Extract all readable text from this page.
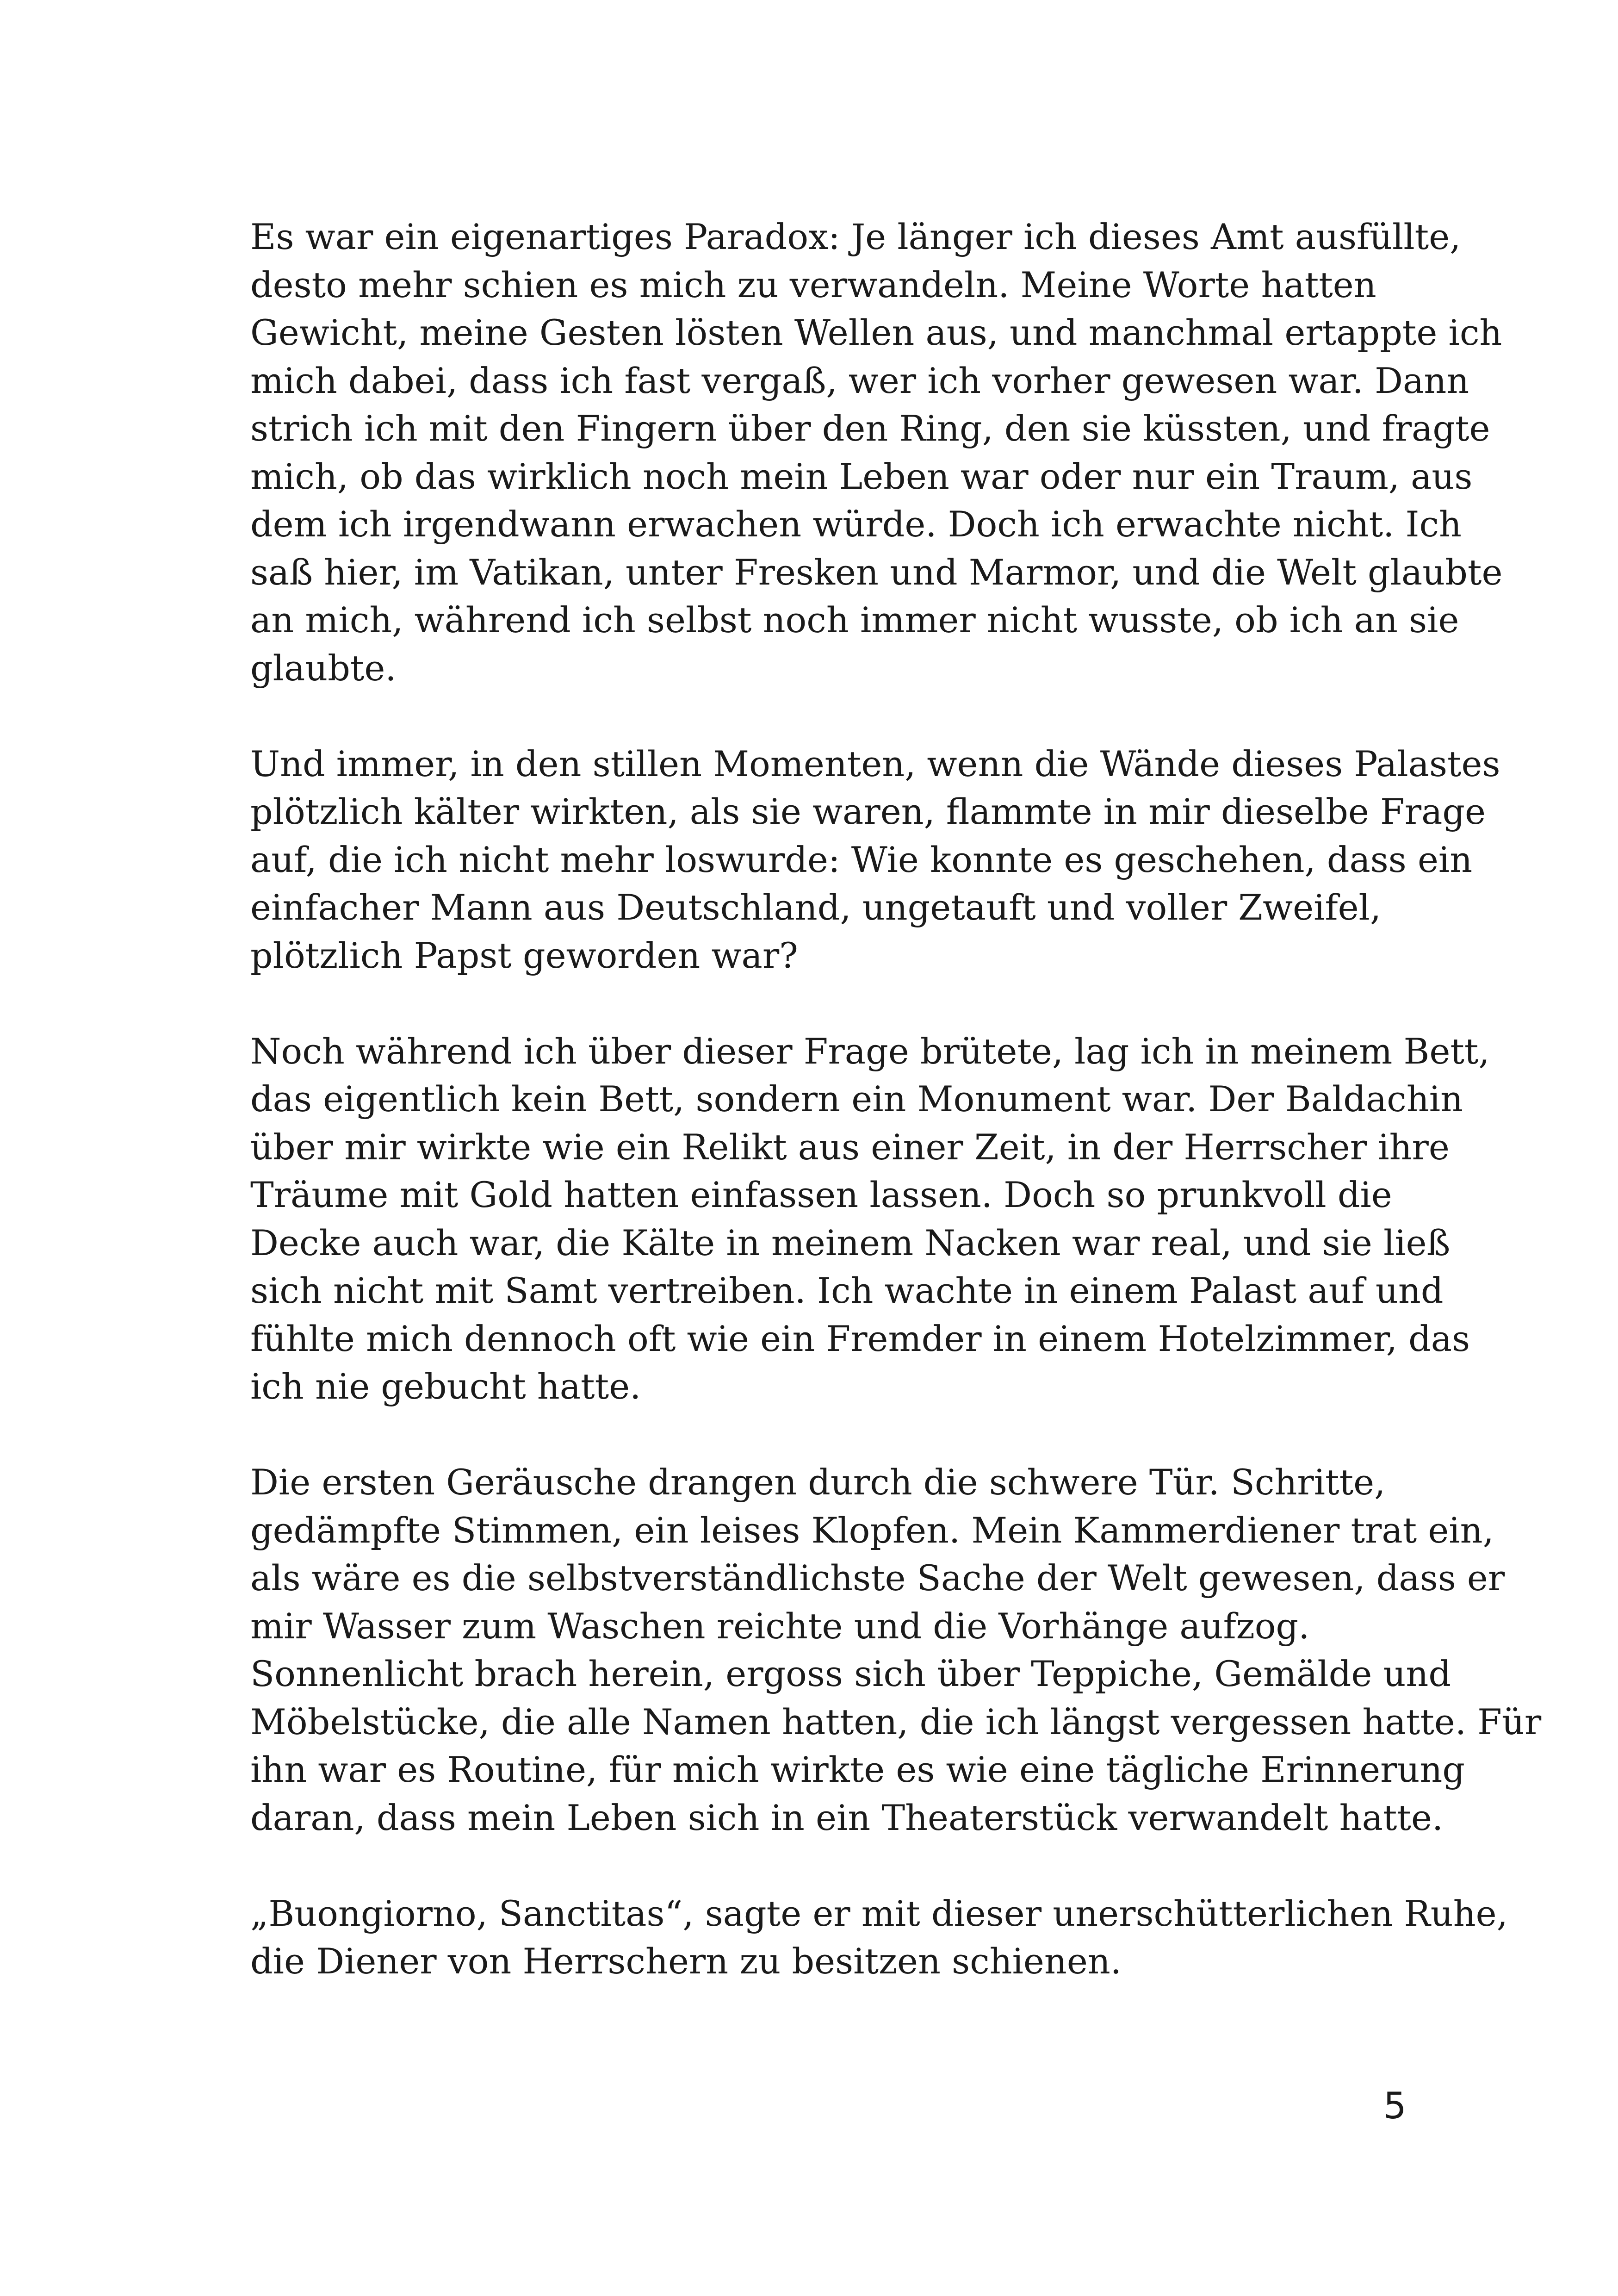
Es war ein eigenartiges Paradox: Je länger ich dieses Amt ausfüllte,
desto mehr schien es mich zu verwandeln. Meine Worte hatten
Gewicht, meine Gesten lösten Wellen aus, und manchmal ertappte ich
mich dabei, dass ich fast vergaß, wer ich vorher gewesen war. Dann
strich ich mit den Fingern über den Ring, den sie küssten, und fragte
mich, ob das wirklich noch mein Leben war oder nur ein Traum, aus
dem ich irgendwann erwachen würde. Doch ich erwachte nicht. Ich
saß hier, im Vatikan, unter Fresken und Marmor, und die Welt glaubte
an mich, während ich selbst noch immer nicht wusste, ob ich an sie
glaubte.
Und immer, in den stillen Momenten, wenn die Wände dieses Palastes
plötzlich kälter wirkten, als sie waren, flammte in mir dieselbe Frage
auf, die ich nicht mehr loswurde: Wie konnte es geschehen, dass ein
einfacher Mann aus Deutschland, ungetauft und voller Zweifel,
plötzlich Papst geworden war?
Noch während ich über dieser Frage brütete, lag ich in meinem Bett,
das eigentlich kein Bett, sondern ein Monument war. Der Baldachin
über mir wirkte wie ein Relikt aus einer Zeit, in der Herrscher ihre
Träume mit Gold hatten einfassen lassen. Doch so prunkvoll die
Decke auch war, die Kälte in meinem Nacken war real, und sie ließ
sich nicht mit Samt vertreiben. Ich wachte in einem Palast auf und
fühlte mich dennoch oft wie ein Fremder in einem Hotelzimmer, das
ich nie gebucht hatte.
Die ersten Geräusche drangen durch die schwere Tür. Schritte,
gedämpfte Stimmen, ein leises Klopfen. Mein Kammerdiener trat ein,
als wäre es die selbstverständlichste Sache der Welt gewesen, dass er
mir Wasser zum Waschen reichte und die Vorhänge aufzog.
Sonnenlicht brach herein, ergoss sich über Teppiche, Gemälde und
Möbelstücke, die alle Namen hatten, die ich längst vergessen hatte. Für
ihn war es Routine, für mich wirkte es wie eine tägliche Erinnerung
daran, dass mein Leben sich in ein Theaterstück verwandelt hatte.
„Buongiorno, Sanctitas“, sagte er mit dieser unerschütterlichen Ruhe,
die Diener von Herrschern zu besitzen schienen.
5
